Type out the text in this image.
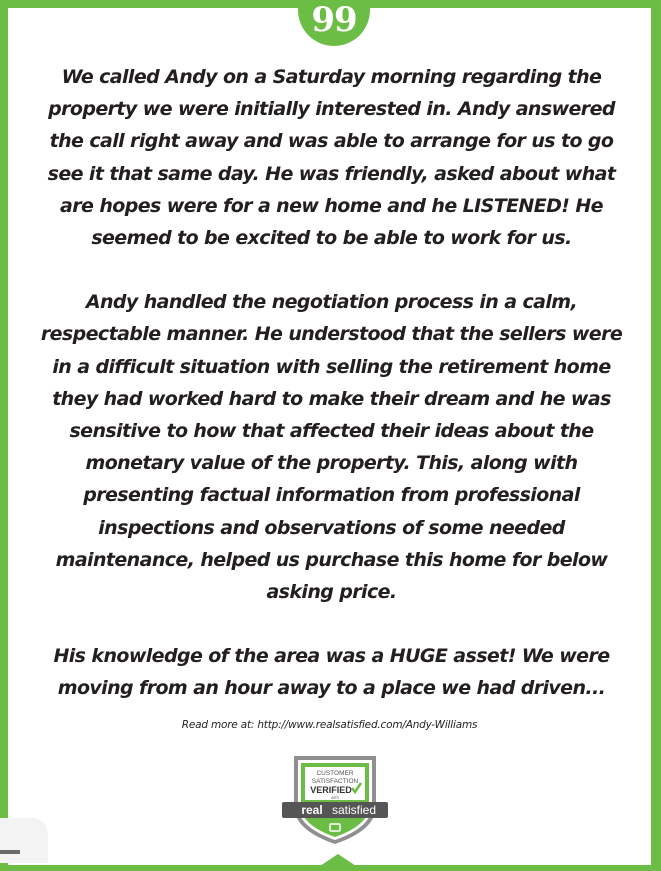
99

We called Andy on a Saturday morning regarding the
property we were initially interested in. Andy answered
the call right away and was able to arrange for us to go
see it that same day. He was friendly, asked about what
are hopes were for a new home and he LISTENED! He
seemed to be excited to be able to work for us.

Andy handled the negotiation process in a calm,
respectable manner. He understood that the sellers were
in a difficult situation with selling the retirement home
they had worked hard to make their dream and he was
sensitive to how that affected their ideas about the
monetary value of the property. This, along with
presenting factual information from professional
inspections and observations of some needed
maintenance, helped us purchase this home for below
asking price.

His knowledge of the area was a HUGE asset! We were
moving from an hour away to a place we had driven...

Read more at: http://www.realsatisfied.com/Andy-Williams
CUSTOMER
SATISFACTION
VERIFIED
with
real satisfied
